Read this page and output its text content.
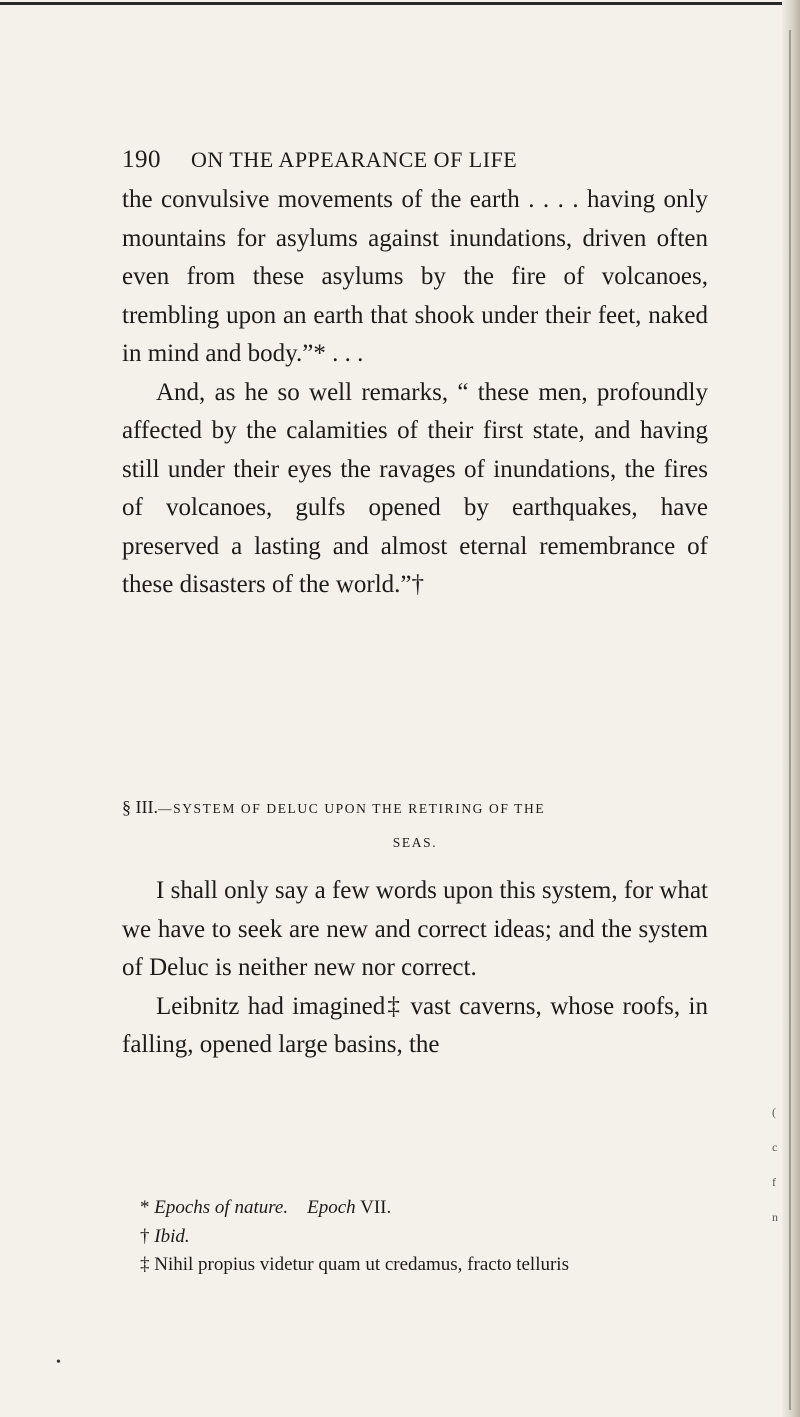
190 ON THE APPEARANCE OF LIFE

the convulsive movements of the earth . . . . having only mountains for asylums against inundations, driven often even from these asylums by the fire of volcanoes, trembling upon an earth that shook under their feet, naked in mind and body.”* . . .

And, as he so well remarks, “ these men, profoundly affected by the calamities of their first state, and having still under their eyes the ravages of inundations, the fires of volcanoes, gulfs opened by earthquakes, have preserved a lasting and almost eternal remembrance of these disasters of the world.”†

§ III.—SYSTEM OF DELUC UPON THE RETIRING OF THE
SEAS.

I shall only say a few words upon this system, for what we have to seek are new and correct ideas; and the system of Deluc is neither new nor correct.

Leibnitz had imagined‡ vast caverns, whose roofs, in falling, opened large basins, the

* Epochs of nature. Epoch VII.
† Ibid.
‡ Nihil propius videtur quam ut credamus, fracto telluris
•
(
c
f
n
